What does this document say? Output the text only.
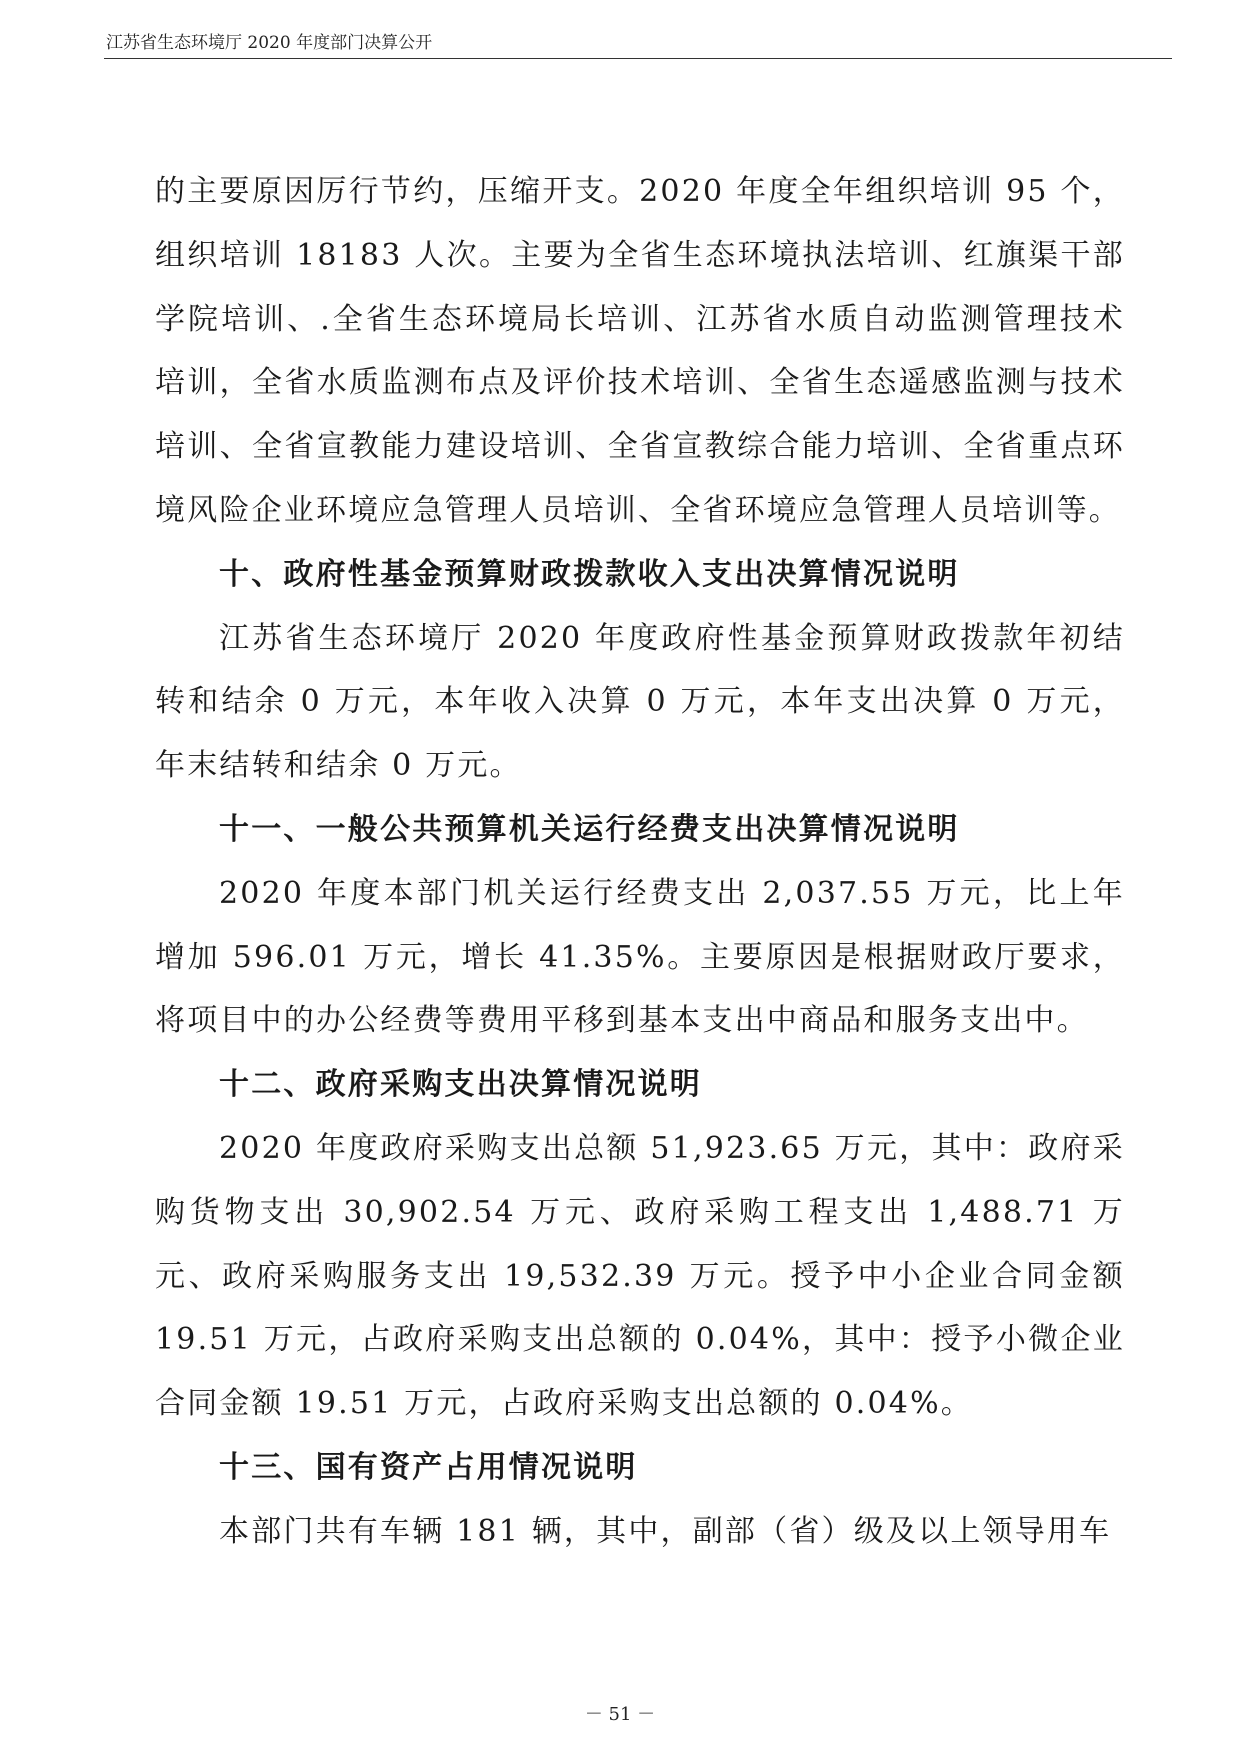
江苏省生态环境厅 2020 年度部门决算公开

的主要原因厉行节约，压缩开支。2020 年度全年组织培训 95 个，组织培训 18183 人次。主要为全省生态环境执法培训、红旗渠干部学院培训、.全省生态环境局长培训、江苏省水质自动监测管理技术培训，全省水质监测布点及评价技术培训、全省生态遥感监测与技术培训、全省宣教能力建设培训、全省宣教综合能力培训、全省重点环境风险企业环境应急管理人员培训、全省环境应急管理人员培训等。

十、政府性基金预算财政拨款收入支出决算情况说明

江苏省生态环境厅 2020 年度政府性基金预算财政拨款年初结转和结余 0 万元，本年收入决算 0 万元，本年支出决算 0 万元，年末结转和结余 0 万元。

十一、一般公共预算机关运行经费支出决算情况说明

2020 年度本部门机关运行经费支出 2,037.55 万元，比上年增加 596.01 万元，增长 41.35%。主要原因是根据财政厅要求，将项目中的办公经费等费用平移到基本支出中商品和服务支出中。

十二、政府采购支出决算情况说明

2020 年度政府采购支出总额 51,923.65 万元，其中：政府采购货物支出 30,902.54 万元、政府采购工程支出 1,488.71 万元、政府采购服务支出 19,532.39 万元。授予中小企业合同金额 19.51 万元，占政府采购支出总额的 0.04%，其中：授予小微企业合同金额 19.51 万元，占政府采购支出总额的 0.04%。

十三、国有资产占用情况说明

本部门共有车辆 181 辆，其中，副部（省）级及以上领导用车

－ 51 －
